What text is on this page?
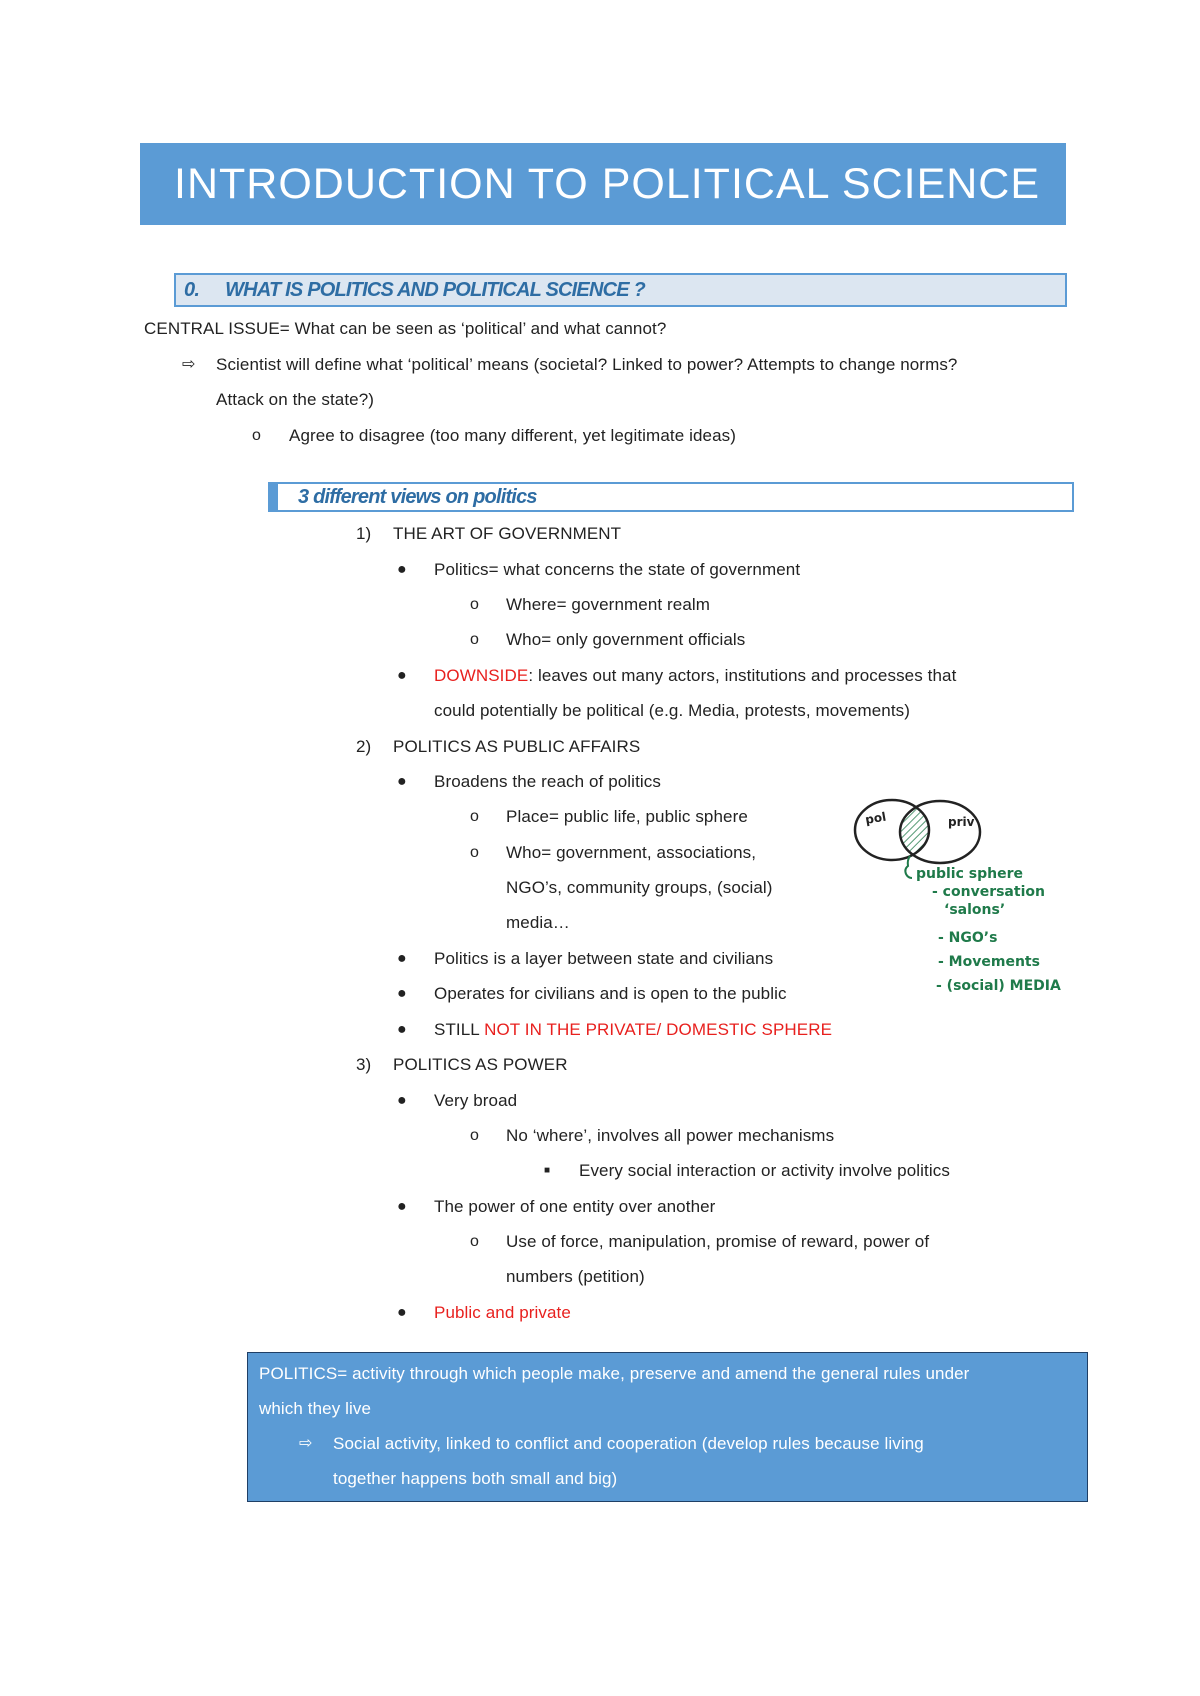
INTRODUCTION TO POLITICAL SCIENCE
0. WHAT IS POLITICS AND POLITICAL SCIENCE ?
CENTRAL ISSUE= What can be seen as ‘political’ and what cannot?
⇨ Scientist will define what ‘political’ means (societal? Linked to power? Attempts to change norms?
Attack on the state?)
o Agree to disagree (too many different, yet legitimate ideas)
3 different views on politics
1) THE ART OF GOVERNMENT
● Politics= what concerns the state of government
o Where= government realm
o Who= only government officials
● DOWNSIDE: leaves out many actors, institutions and processes that
could potentially be political (e.g. Media, protests, movements)
2) POLITICS AS PUBLIC AFFAIRS
● Broadens the reach of politics
o Place= public life, public sphere
o Who= government, associations,
NGO’s, community groups, (social)
media…
● Politics is a layer between state and civilians
● Operates for civilians and is open to the public
● STILL NOT IN THE PRIVATE/ DOMESTIC SPHERE
3) POLITICS AS POWER
● Very broad
o No ‘where’, involves all power mechanisms
■ Every social interaction or activity involve politics
● The power of one entity over another
o Use of force, manipulation, promise of reward, power of
numbers (petition)
● Public and private
POLITICS= activity through which people make, preserve and amend the general rules under
which they live
⇨ Social activity, linked to conflict and cooperation (develop rules because living
together happens both small and big)
pol	priv
public sphere
- conversation
‘salons’
- NGO’s
- Movements
- (social) MEDIA
